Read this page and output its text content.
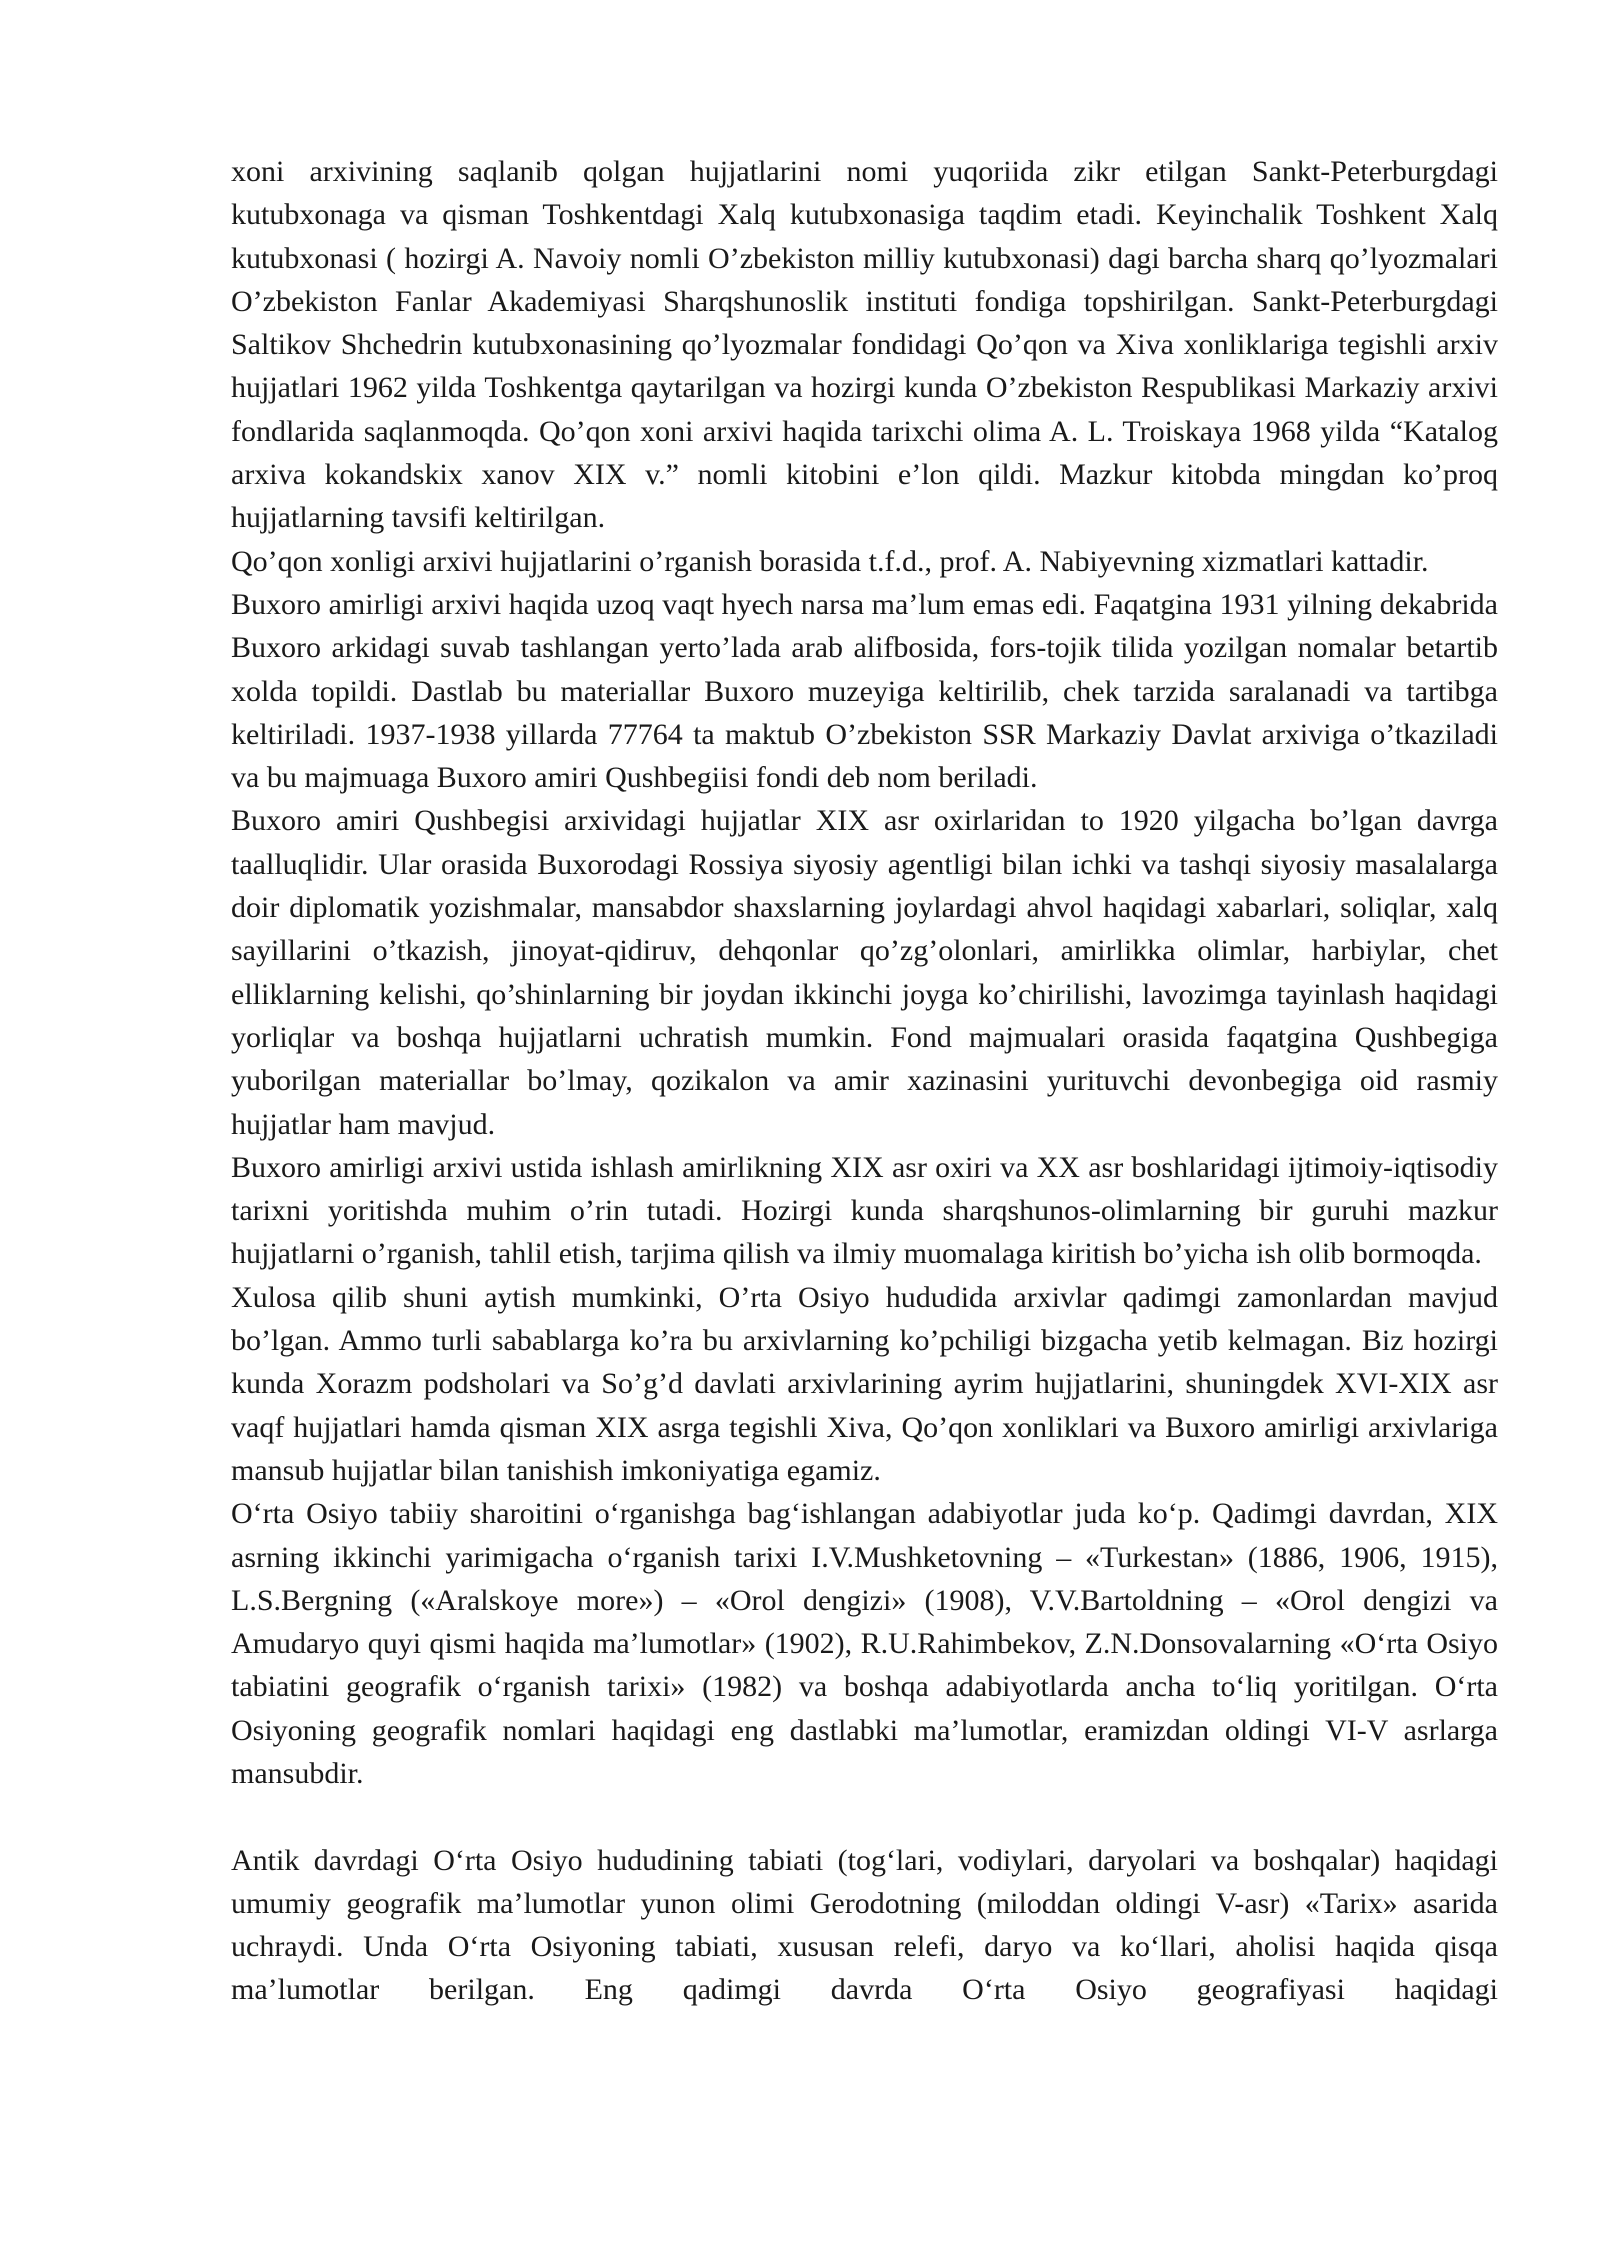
xoni arxivining saqlanib qolgan hujjatlarini nomi yuqoriida zikr etilgan Sankt-Peterburgdagi kutubxonaga va qisman Toshkentdagi Xalq kutubxonasiga taqdim etadi. Keyinchalik Toshkent Xalq kutubxonasi ( hozirgi A. Navoiy nomli O’zbekiston milliy kutubxonasi) dagi barcha sharq qo’lyozmalari O’zbekiston Fanlar Akademiyasi Sharqshunoslik instituti fondiga topshirilgan. Sankt-Peterburgdagi Saltikov Shchedrin kutubxonasining qo’lyozmalar fondidagi Qo’qon va Xiva xonliklariga tegishli arxiv hujjatlari 1962 yilda Toshkentga qaytarilgan va hozirgi kunda O’zbekiston Respublikasi Markaziy arxivi fondlarida saqlanmoqda. Qo’qon xoni arxivi haqida tarixchi olima A. L. Troiskaya 1968 yilda “Katalog arxiva kokandskix xanov XIX v.” nomli kitobini e’lon qildi. Mazkur kitobda mingdan ko’proq hujjatlarning tavsifi keltirilgan.

Qo’qon xonligi arxivi hujjatlarini o’rganish borasida t.f.d., prof. A. Nabiyevning xizmatlari kattadir.

Buxoro amirligi arxivi haqida uzoq vaqt hyech narsa ma’lum emas edi. Faqatgina 1931 yilning dekabrida Buxoro arkidagi suvab tashlangan yerto’lada arab alifbosida, fors-tojik tilida yozilgan nomalar betartib xolda topildi. Dastlab bu materiallar Buxoro muzeyiga keltirilib, chek tarzida saralanadi va tartibga keltiriladi. 1937-1938 yillarda 77764 ta maktub O’zbekiston SSR Markaziy Davlat arxiviga o’tkaziladi va bu majmuaga Buxoro amiri Qushbegiisi fondi deb nom beriladi.

Buxoro amiri Qushbegisi arxividagi hujjatlar XIX asr oxirlaridan to 1920 yilgacha bo’lgan davrga taalluqlidir. Ular orasida Buxorodagi Rossiya siyosiy agentligi bilan ichki va tashqi siyosiy masalalarga doir diplomatik yozishmalar, mansabdor shaxslarning joylardagi ahvol haqidagi xabarlari, soliqlar, xalq sayillarini o’tkazish, jinoyat-qidiruv, dehqonlar qo’zg’olonlari, amirlikka olimlar, harbiylar, chet elliklarning kelishi, qo’shinlarning bir joydan ikkinchi joyga ko’chirilishi, lavozimga tayinlash haqidagi yorliqlar va boshqa hujjatlarni uchratish mumkin. Fond majmualari orasida faqatgina Qushbegiga yuborilgan materiallar bo’lmay, qozikalon va amir xazinasini yurituvchi devonbegiga oid rasmiy hujjatlar ham mavjud.

Buxoro amirligi arxivi ustida ishlash amirlikning XIX asr oxiri va XX asr boshlaridagi ijtimoiy-iqtisodiy tarixni yoritishda muhim o’rin tutadi. Hozirgi kunda sharqshunos-olimlarning bir guruhi mazkur hujjatlarni o’rganish, tahlil etish, tarjima qilish va ilmiy muomalaga kiritish bo’yicha ish olib bormoqda.

Xulosa qilib shuni aytish mumkinki, O’rta Osiyo hududida arxivlar qadimgi zamonlardan mavjud bo’lgan. Ammo turli sabablarga ko’ra bu arxivlarning ko’pchiligi bizgacha yetib kelmagan. Biz hozirgi kunda Xorazm podsholari va So’g’d davlati arxivlarining ayrim hujjatlarini, shuningdek XVI-XIX asr vaqf hujjatlari hamda qisman XIX asrga tegishli Xiva, Qo’qon xonliklari va Buxoro amirligi arxivlariga mansub hujjatlar bilan tanishish imkoniyatiga egamiz.

O‘rta Osiyo tabiiy sharoitini o‘rganishga bag‘ishlangan adabiyotlar juda ko‘p. Qadimgi davrdan, XIX asrning ikkinchi yarimigacha o‘rganish tarixi I.V.Mushketovning – «Turkestan» (1886, 1906, 1915), L.S.Bergning («Aralskoye more») – «Orol dengizi» (1908), V.V.Bartoldning – «Orol dengizi va Amudaryo quyi qismi haqida ma’lumotlar» (1902), R.U.Rahimbekov, Z.N.Donsovalarning «O‘rta Osiyo tabiatini geografik o‘rganish tarixi» (1982) va boshqa adabiyotlarda ancha to‘liq yoritilgan. O‘rta Osiyoning geografik nomlari haqidagi eng dastlabki ma’lumotlar, eramizdan oldingi VI-V asrlarga mansubdir.

Antik davrdagi O‘rta Osiyo hududining tabiati (tog‘lari, vodiylari, daryolari va boshqalar) haqidagi umumiy geografik ma’lumotlar yunon olimi Gerodotning (miloddan oldingi V-asr) «Tarix» asarida uchraydi. Unda O‘rta Osiyoning tabiati, xususan relefi, daryo va ko‘llari, aholisi haqida qisqa ma’lumotlar berilgan. Eng qadimgi davrda O‘rta Osiyo geografiyasi haqidagi
